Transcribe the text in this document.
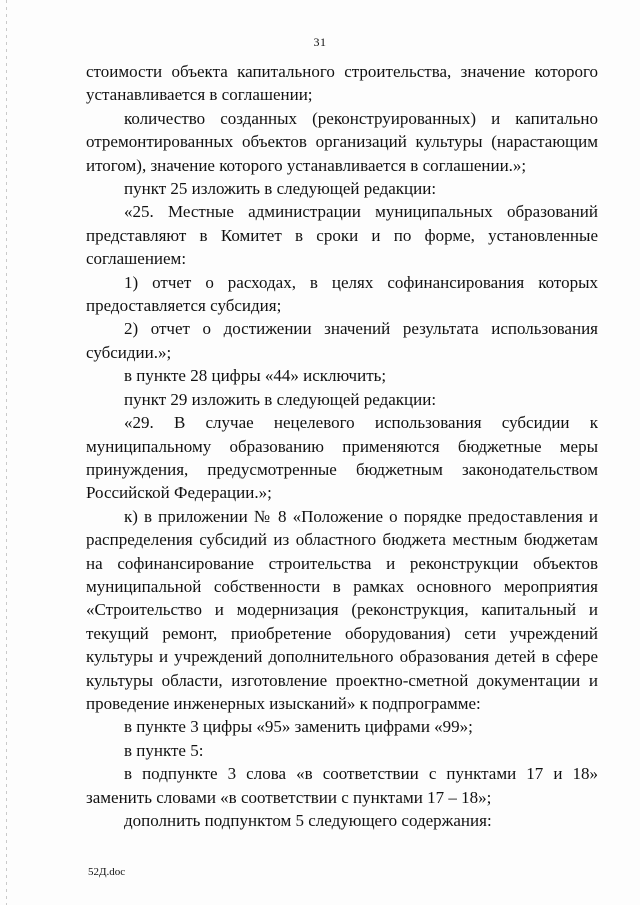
31

стоимости объекта капитального строительства, значение которого устанавливается в соглашении;

количество созданных (реконструированных) и капитально отремонтированных объектов организаций культуры (нарастающим итогом), значение которого устанавливается в соглашении.»;

пункт 25 изложить в следующей редакции:

«25. Местные администрации муниципальных образований представляют в Комитет в сроки и по форме, установленные соглашением:

1) отчет о расходах, в целях софинансирования которых предоставляется субсидия;

2) отчет о достижении значений результата использования субсидии.»;

в пункте 28 цифры «44» исключить;

пункт 29 изложить в следующей редакции:

«29. В случае нецелевого использования субсидии к муниципальному образованию применяются бюджетные меры принуждения, предусмотренные бюджетным законодательством Российской Федерации.»;

к) в приложении № 8 «Положение о порядке предоставления и распределения субсидий из областного бюджета местным бюджетам на софинансирование строительства и реконструкции объектов муниципальной собственности в рамках основного мероприятия «Строительство и модернизация (реконструкция, капитальный и текущий ремонт, приобретение оборудования) сети учреждений культуры и учреждений дополнительного образования детей в сфере культуры области, изготовление проектно-сметной документации и проведение инженерных изысканий» к подпрограмме:

в пункте 3 цифры «95» заменить цифрами «99»;

в пункте 5:

в подпункте 3 слова «в соответствии с пунктами 17 и 18» заменить словами «в соответствии с пунктами 17 – 18»;

дополнить подпунктом 5 следующего содержания:

52Д.doc
